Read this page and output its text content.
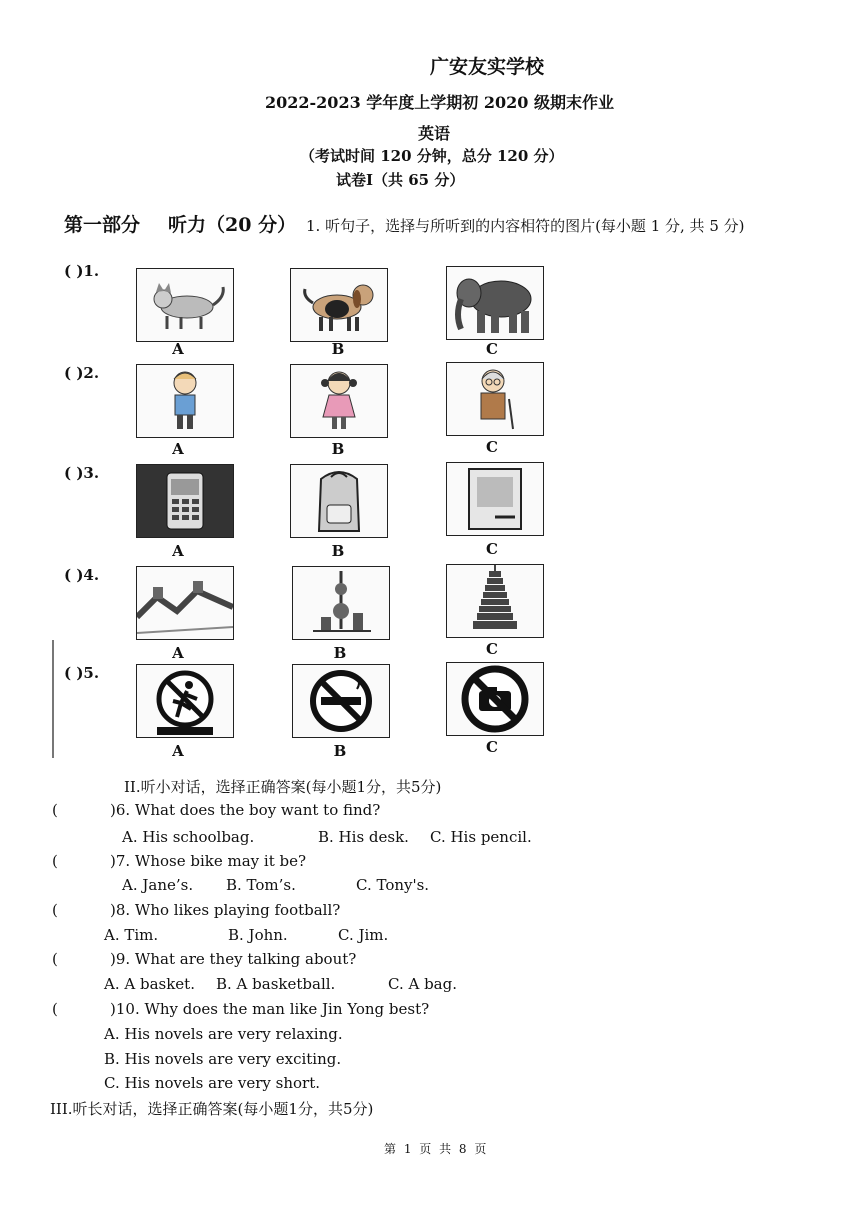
广安友实学校
2022-2023 学年度上学期初 2020 级期末作业
英语
（考试时间 120 分钟，总分 120 分）
试卷Ⅰ（共 65 分）
第一部分 听力（20 分） 1. 听句子，选择与所听到的内容相符的图片(每小题 1 分, 共 5 分)
( )1.
A	B	C
( )2.
A	B	C
( )3.
A	B	C
( )4.
A	B	C
( )5.
A	B	C
II.听小对话，选择正确答案(每小题1分，共5分)
(	)6. What does the boy want to find?
A. His schoolbag.	B. His desk. C. His pencil.
(	)7. Whose bike may it be?
A. Jane’s. B. Tom’s.	C. Tony's.
(	)8. Who likes playing football?
A. Tim.	B. John.	C. Jim.
(	)9. What are they talking about?
A. A basket. B. A basketball.	C. A bag.
(	)10. Why does the man like Jin Yong best?
A. His novels are very relaxing.
B. His novels are very exciting.
C. His novels are very short.
III.听长对话，选择正确答案(每小题1分，共5分)
第 1 页 共 8 页
